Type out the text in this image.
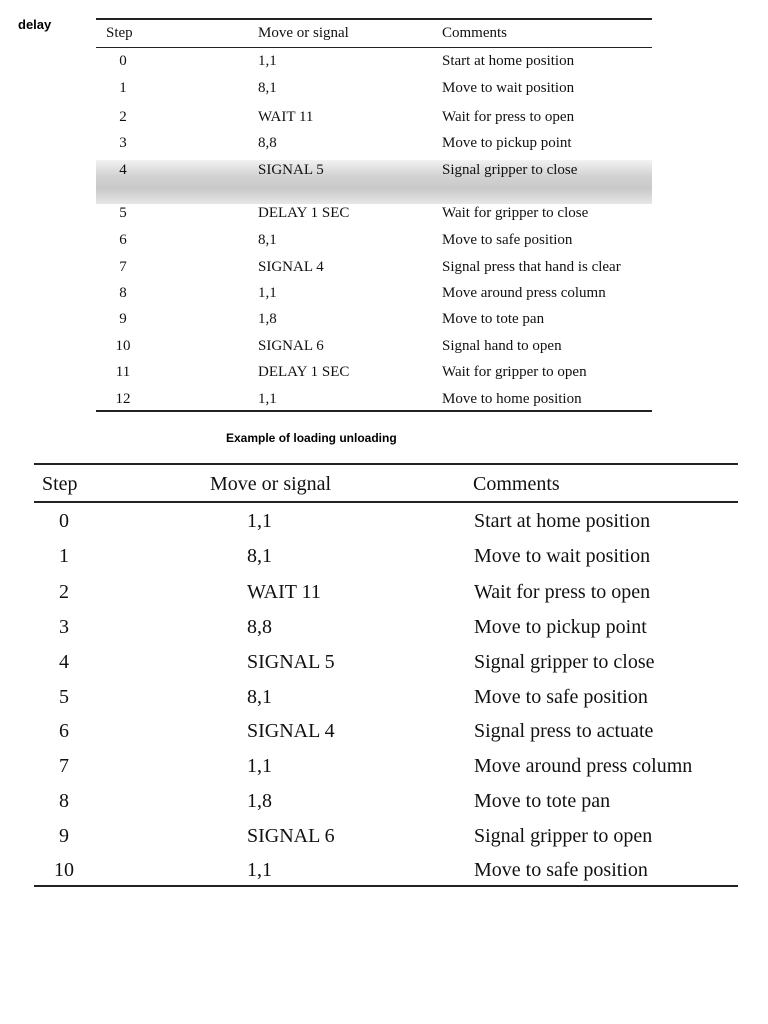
delay
Step	Move or signal	Comments
0	1,1	Start at home position
1	8,1	Move to wait position
2	WAIT 11	Wait for press to open
3	8,8	Move to pickup point
4	SIGNAL 5	Signal gripper to close
5	DELAY 1 SEC	Wait for gripper to close
6	8,1	Move to safe position
7	SIGNAL 4	Signal press that hand is clear
8	1,1	Move around press column
9	1,8	Move to tote pan
10	SIGNAL 6	Signal hand to open
11	DELAY 1 SEC	Wait for gripper to open
12	1,1	Move to home position
Example of loading unloading
Step	Move or signal	Comments
0	1,1	Start at home position
1	8,1	Move to wait position
2	WAIT 11	Wait for press to open
3	8,8	Move to pickup point
4	SIGNAL 5	Signal gripper to close
5	8,1	Move to safe position
6	SIGNAL 4	Signal press to actuate
7	1,1	Move around press column
8	1,8	Move to tote pan
9	SIGNAL 6	Signal gripper to open
10	1,1	Move to safe position
